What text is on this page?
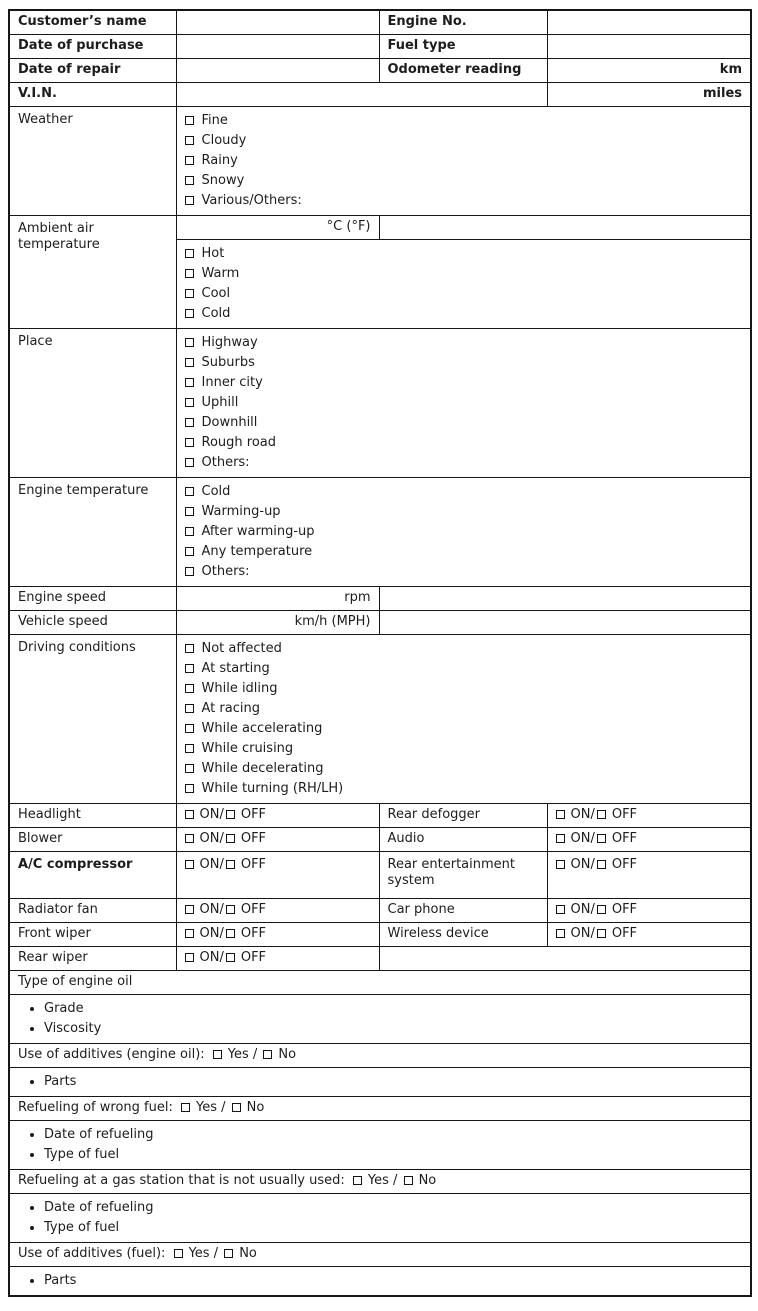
Customer’s name		Engine No.	
Date of purchase		Fuel type	
Date of repair		Odometer reading	km
V.I.N.			miles
Weather	Fine
Cloudy
Rainy
Snowy
Various/Others:		

Ambient air temperature	°C (°F)		

	Hot
Warm
Cool
Cold		

Place	Highway
Suburbs
Inner city
Uphill
Downhill
Rough road
Others:

Engine temperature	Cold
Warming-up
After warming-up
Any temperature
Others:		

Engine speed	rpm		
Vehicle speed	km/h (MPH)		
Driving conditions	Not affected
At starting
While idling
At racing
While accelerating
While cruising
While decelerating
While turning (RH/LH)

Headlight	ON/ OFF	Rear defogger	ON/ OFF
Blower	ON/ OFF	Audio	ON/ OFF
A/C compressor	ON/ OFF	Rear entertainment system	ON/ OFF
Radiator fan	ON/ OFF	Car phone	ON/ OFF
Front wiper	ON/ OFF	Wireless device	ON/ OFF
Rear wiper	ON/ OFF		
Type of engine oil			

• Grade
• Viscosity

Use of additives (engine oil): Yes / No			

• Parts

Refueling of wrong fuel: Yes / No			

• Date of refueling
• Type of fuel

Refueling at a gas station that is not usually used: Yes / No			

• Date of refueling
• Type of fuel

Use of additives (fuel): Yes / No			

• Parts
